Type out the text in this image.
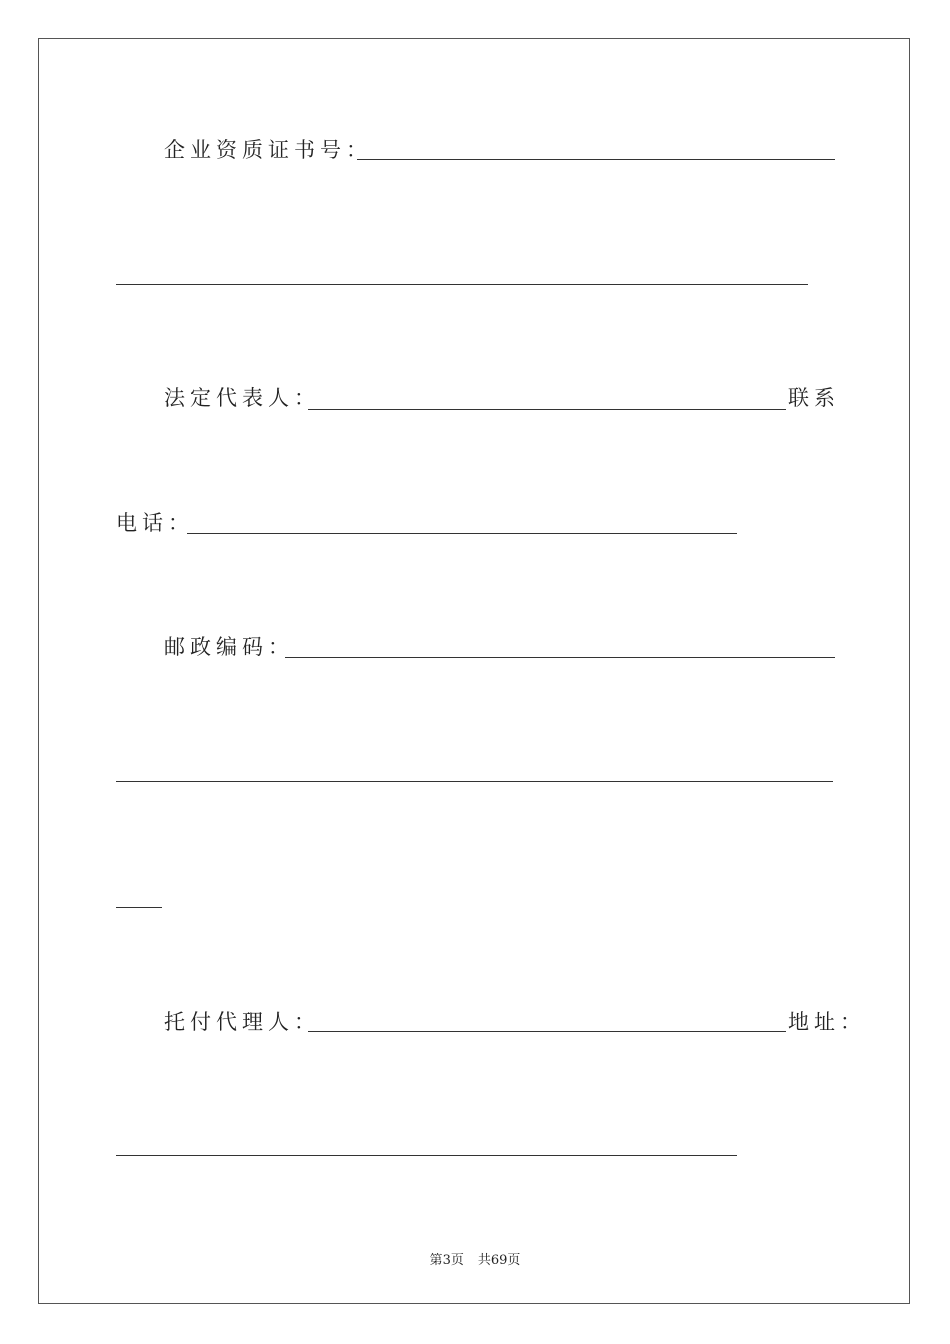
企业资质证书号：
法定代表人：	联系
电话：
邮政编码：
托付代理人：	地址：
第3页 共69页
